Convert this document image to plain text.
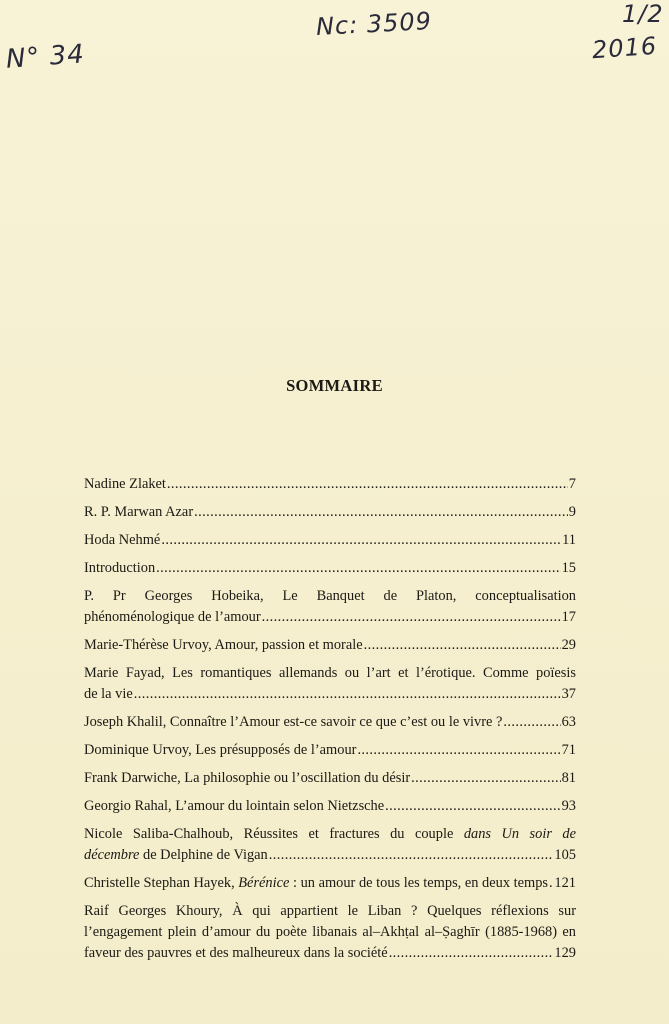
N° 34
Nc: 3509	1/2
2016
SOMMAIRE
Nadine Zlaket .....	7
R. P. Marwan Azar .....	9
Hoda Nehmé .....	11
Introduction .....	15
P. Pr Georges Hobeika, Le Banquet de Platon, conceptualisation
phénoménologique de l’amour .....	17
Marie-Thérèse Urvoy, Amour, passion et morale .....	29
Marie Fayad, Les romantiques allemands ou l’art et l’érotique. Comme poïesis
de la vie .....	37
Joseph Khalil, Connaître l’Amour est-ce savoir ce que c’est ou le vivre ? .....	63
Dominique Urvoy, Les présupposés de l’amour .....	71
Frank Darwiche, La philosophie ou l’oscillation du désir .....	81
Georgio Rahal, L’amour du lointain selon Nietzsche .....	93
Nicole Saliba-Chalhoub, Réussites et fractures du couple dans Un soir de
décembre de Delphine de Vigan .....	105
Christelle Stephan Hayek, Bérénice : un amour de tous les temps, en deux temps ..... 121
Raif Georges Khoury, À qui appartient le Liban ? Quelques réflexions sur
l’engagement plein d’amour du poète libanais al–Akhṭal al–Ṣaghīr (1885-1968) en
faveur des pauvres et des malheureux dans la société .....	129
